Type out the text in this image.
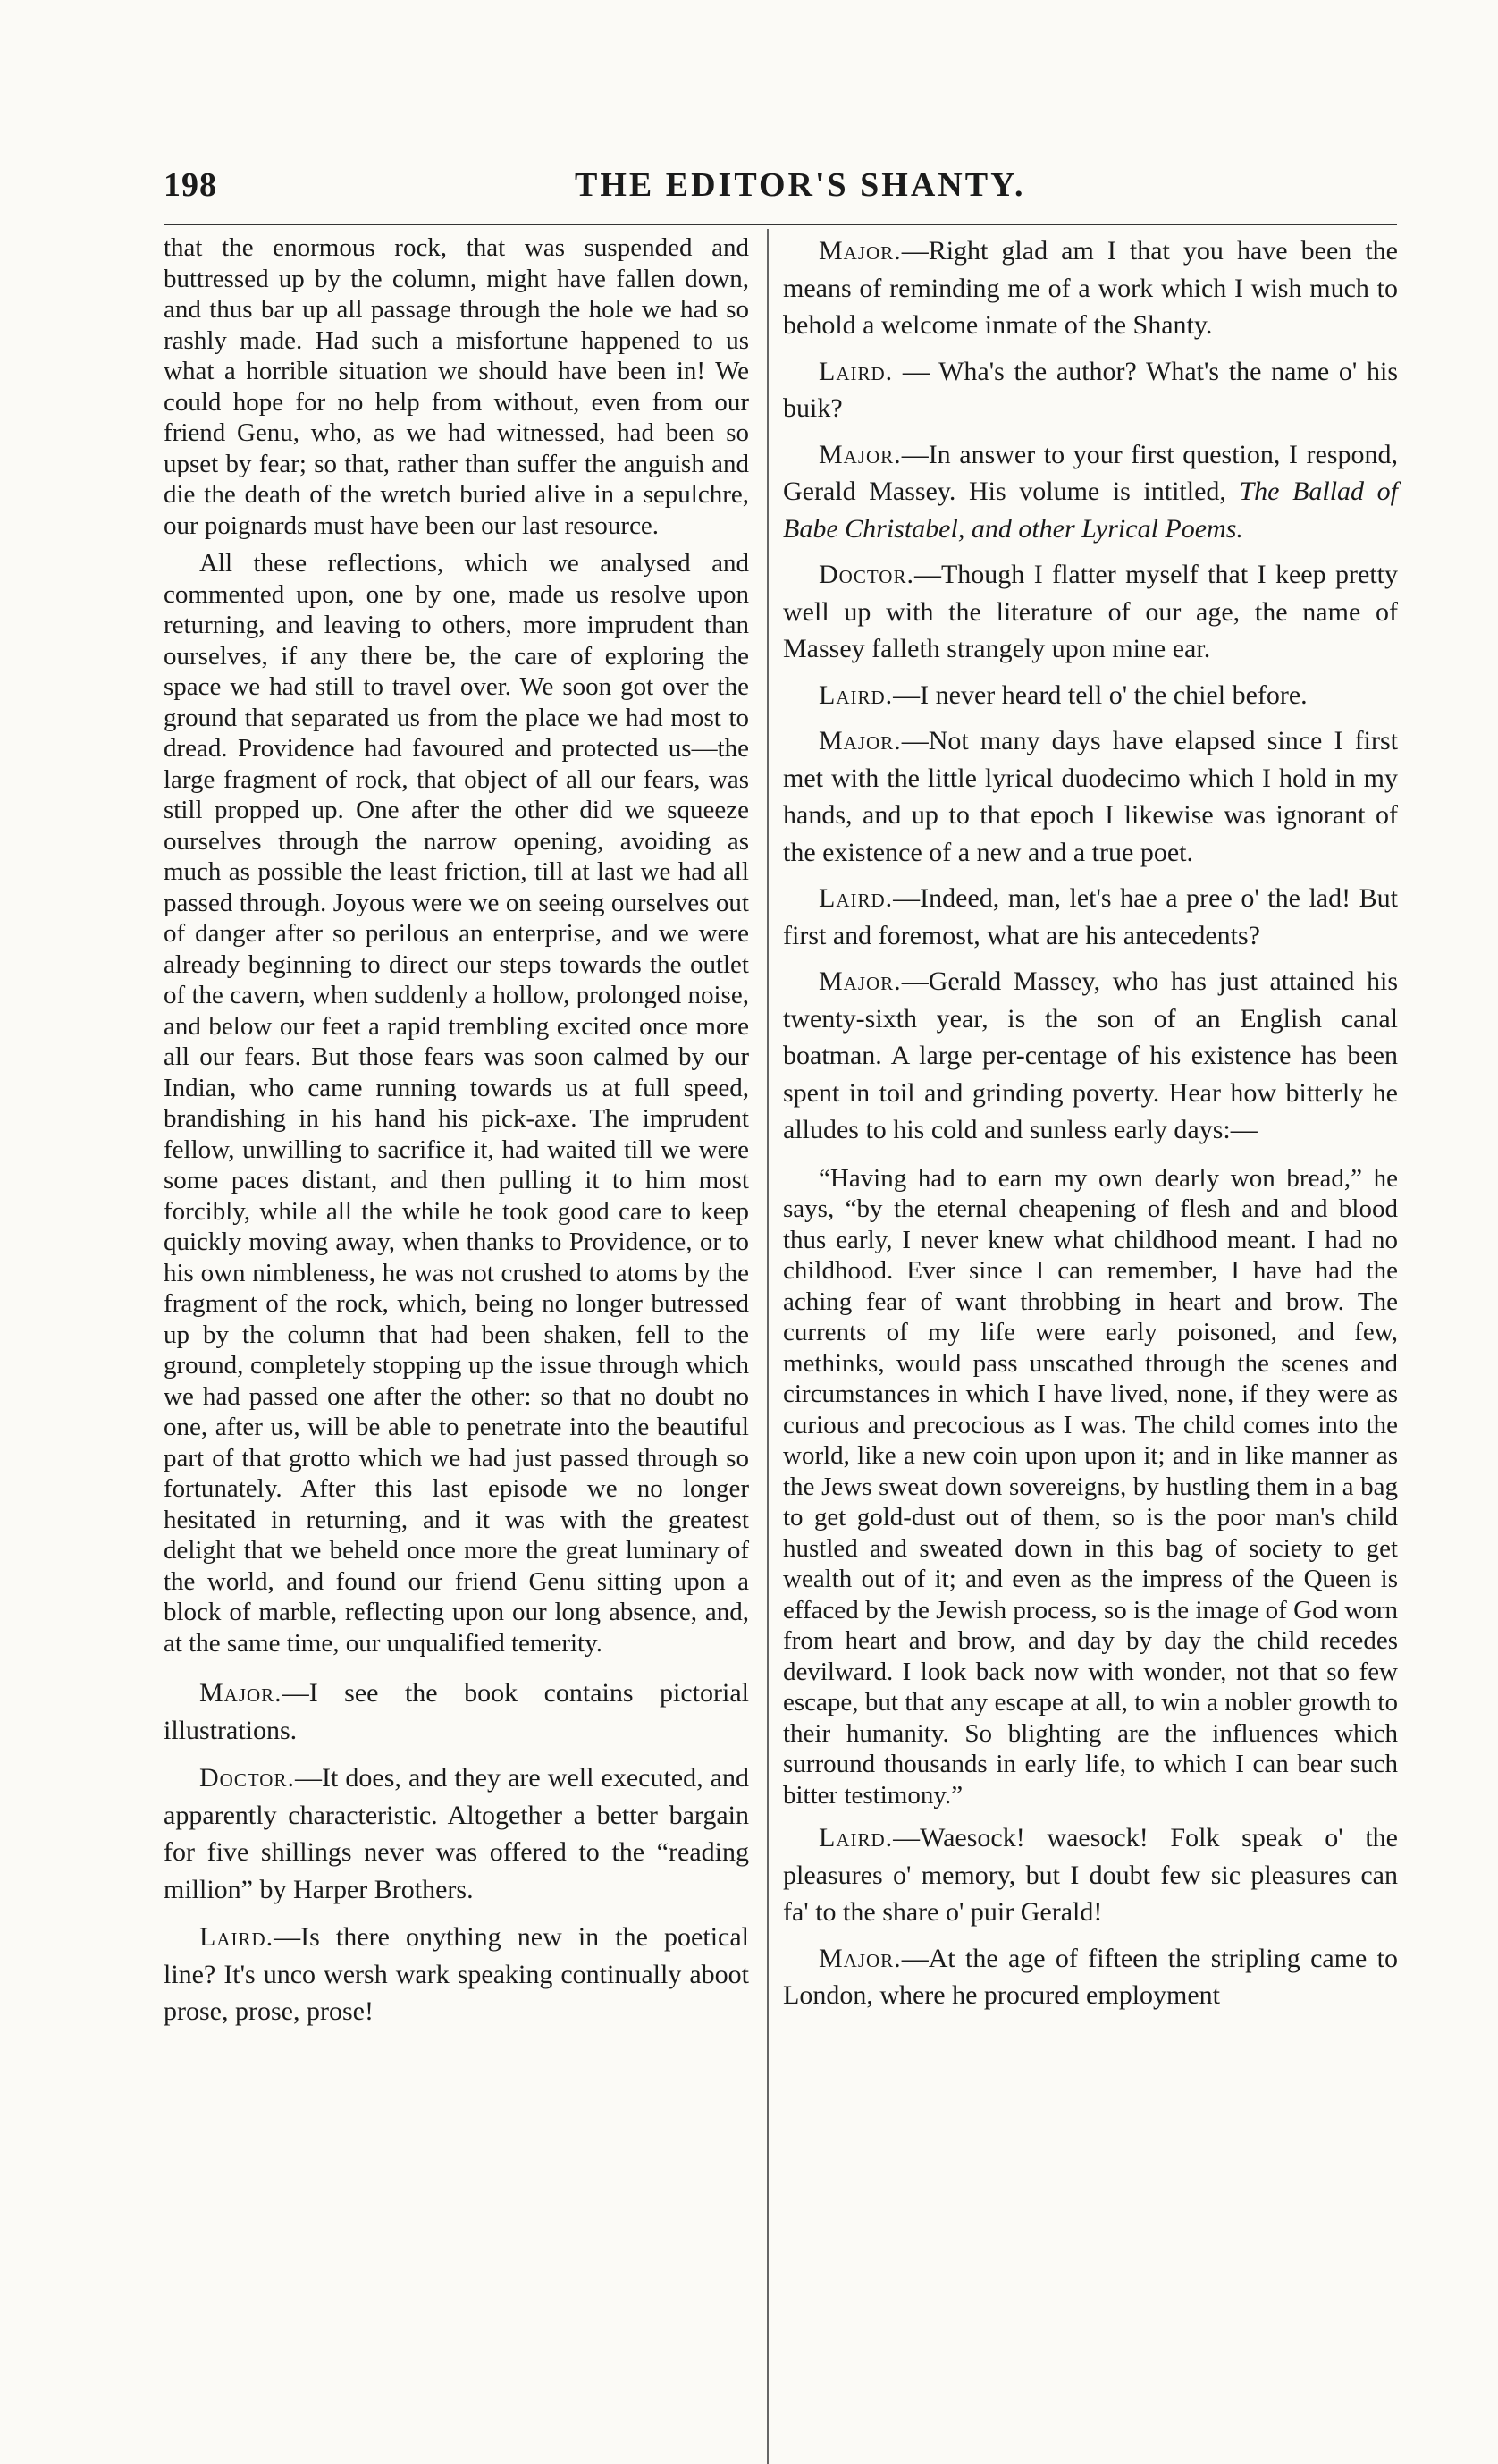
198	THE EDITOR'S SHANTY.

that the enormous rock, that was suspended and buttressed up by the column, might have fallen down, and thus bar up all passage through the hole we had so rashly made. Had such a misfortune happened to us what a horrible situation we should have been in! We could hope for no help from without, even from our friend Genu, who, as we had witnessed, had been so upset by fear; so that, rather than suffer the anguish and die the death of the wretch buried alive in a sepulchre, our poignards must have been our last resource.

All these reflections, which we analysed and commented upon, one by one, made us resolve upon returning, and leaving to others, more imprudent than ourselves, if any there be, the care of exploring the space we had still to travel over. We soon got over the ground that separated us from the place we had most to dread. Providence had favoured and protected us—the large fragment of rock, that object of all our fears, was still propped up. One after the other did we squeeze ourselves through the narrow opening, avoiding as much as possible the least friction, till at last we had all passed through. Joyous were we on seeing ourselves out of danger after so perilous an enterprise, and we were already beginning to direct our steps towards the outlet of the cavern, when suddenly a hollow, prolonged noise, and below our feet a rapid trembling excited once more all our fears. But those fears was soon calmed by our Indian, who came running towards us at full speed, brandishing in his hand his pick-axe. The imprudent fellow, unwilling to sacrifice it, had waited till we were some paces distant, and then pulling it to him most forcibly, while all the while he took good care to keep quickly moving away, when thanks to Providence, or to his own nimbleness, he was not crushed to atoms by the fragment of the rock, which, being no longer butressed up by the column that had been shaken, fell to the ground, completely stopping up the issue through which we had passed one after the other: so that no doubt no one, after us, will be able to penetrate into the beautiful part of that grotto which we had just passed through so fortunately. After this last episode we no longer hesitated in returning, and it was with the greatest delight that we beheld once more the great luminary of the world, and found our friend Genu sitting upon a block of marble, reflecting upon our long absence, and, at the same time, our unqualified temerity.

Major.—I see the book contains pictorial illustrations.

Doctor.—It does, and they are well executed, and apparently characteristic. Altogether a better bargain for five shillings never was offered to the “reading million” by Harper Brothers.

Laird.—Is there onything new in the poetical line? It's unco wersh wark speaking continually aboot prose, prose, prose!

Major.—Right glad am I that you have been the means of reminding me of a work which I wish much to behold a welcome inmate of the Shanty.

Laird. — Wha's the author? What's the name o' his buik?

Major.—In answer to your first question, I respond, Gerald Massey. His volume is intitled, The Ballad of Babe Christabel, and other Lyrical Poems.

Doctor.—Though I flatter myself that I keep pretty well up with the literature of our age, the name of Massey falleth strangely upon mine ear.

Laird.—I never heard tell o' the chiel before.

Major.—Not many days have elapsed since I first met with the little lyrical duodecimo which I hold in my hands, and up to that epoch I likewise was ignorant of the existence of a new and a true poet.

Laird.—Indeed, man, let's hae a pree o' the lad! But first and foremost, what are his antecedents?

Major.—Gerald Massey, who has just attained his twenty-sixth year, is the son of an English canal boatman. A large per-centage of his existence has been spent in toil and grinding poverty. Hear how bitterly he alludes to his cold and sunless early days:—

“Having had to earn my own dearly won bread,” he says, “by the eternal cheapening of flesh and and blood thus early, I never knew what childhood meant. I had no childhood. Ever since I can remember, I have had the aching fear of want throbbing in heart and brow. The currents of my life were early poisoned, and few, methinks, would pass unscathed through the scenes and circumstances in which I have lived, none, if they were as curious and precocious as I was. The child comes into the world, like a new coin upon upon it; and in like manner as the Jews sweat down sovereigns, by hustling them in a bag to get gold-dust out of them, so is the poor man's child hustled and sweated down in this bag of society to get wealth out of it; and even as the impress of the Queen is effaced by the Jewish process, so is the image of God worn from heart and brow, and day by day the child recedes devilward. I look back now with wonder, not that so few escape, but that any escape at all, to win a nobler growth to their humanity. So blighting are the influences which surround thousands in early life, to which I can bear such bitter testimony.”

Laird.—Waesock! waesock! Folk speak o' the pleasures o' memory, but I doubt few sic pleasures can fa' to the share o' puir Gerald!

Major.—At the age of fifteen the stripling came to London, where he procured employment
